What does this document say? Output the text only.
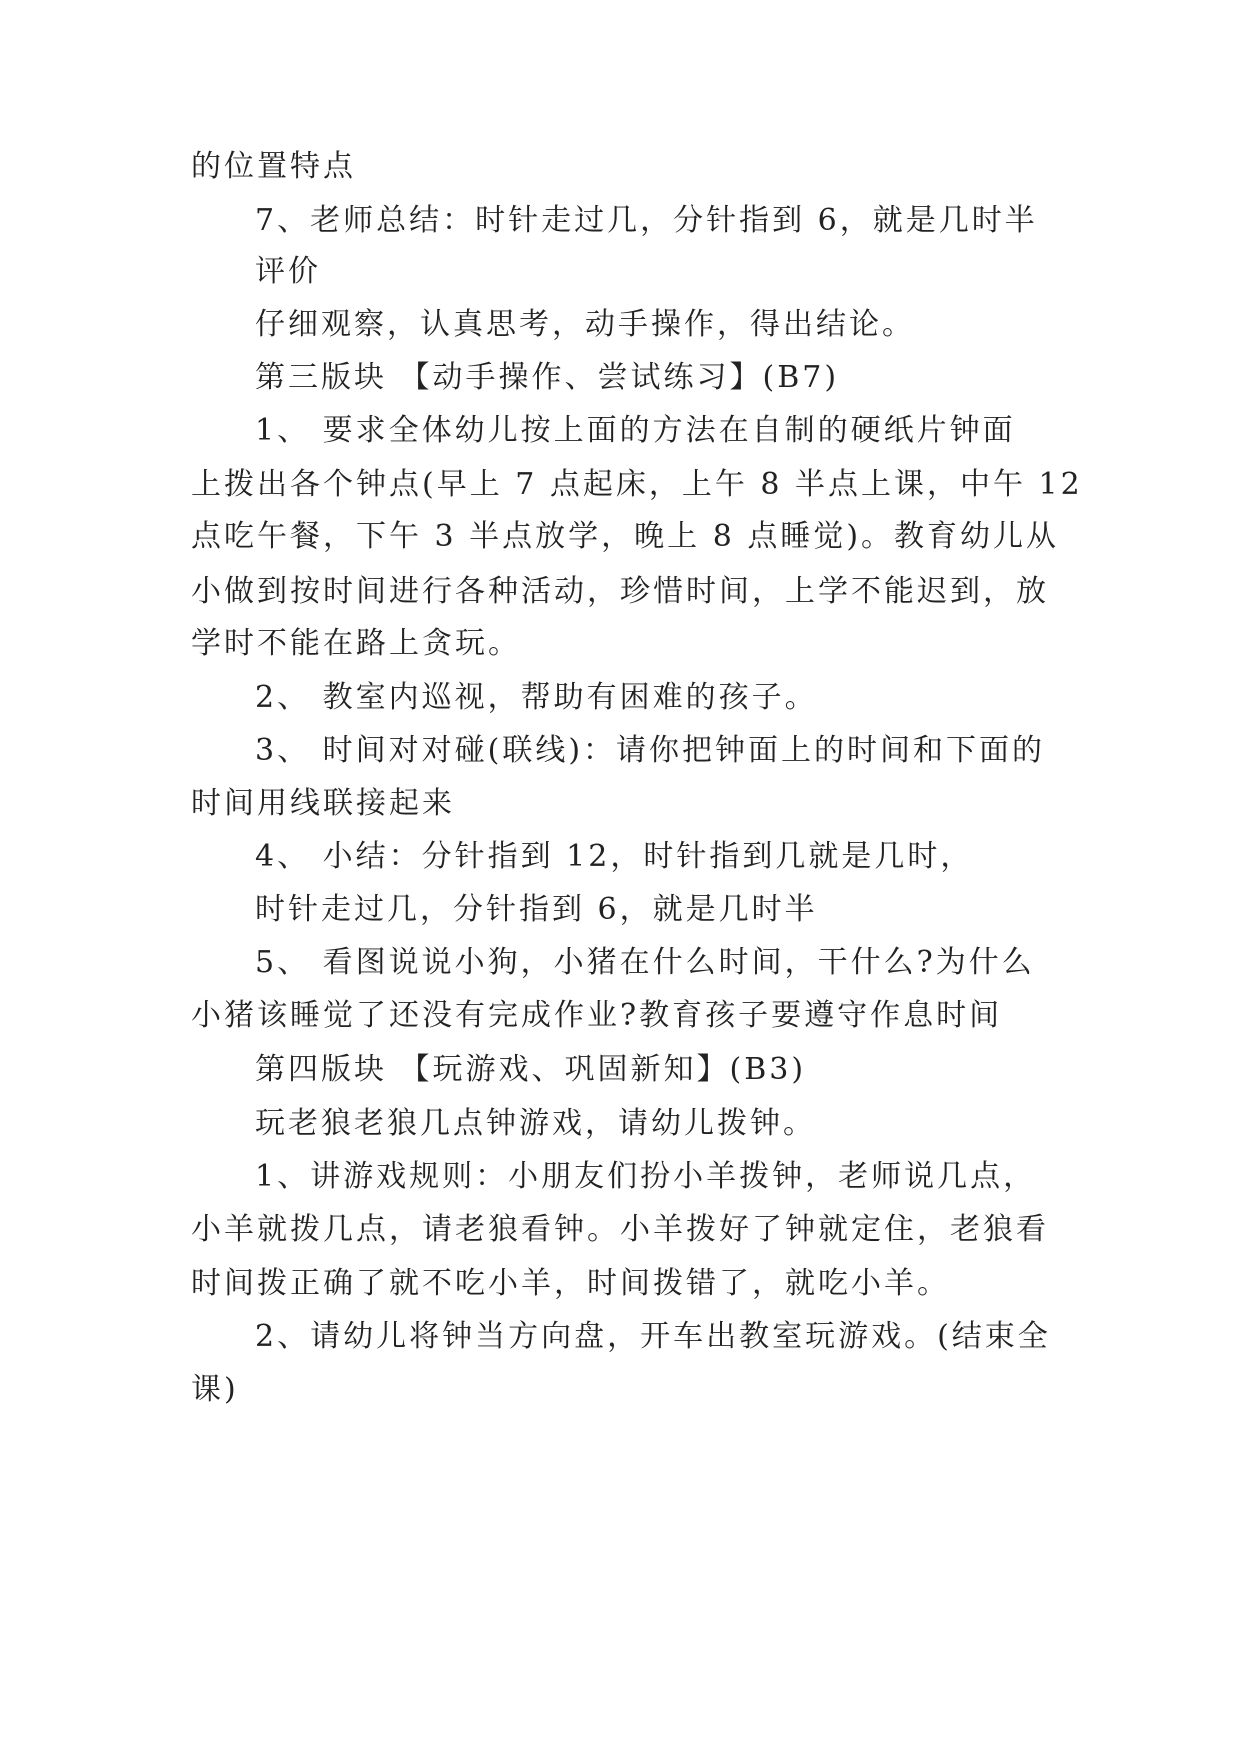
的位置特点
7、老师总结：时针走过几，分针指到 6，就是几时半
评价
仔细观察，认真思考，动手操作，得出结论。
第三版块 【动手操作、尝试练习】(B7)
1、 要求全体幼儿按上面的方法在自制的硬纸片钟面
上拨出各个钟点(早上 7 点起床，上午 8 半点上课，中午 12
点吃午餐，下午 3 半点放学，晚上 8 点睡觉)。教育幼儿从
小做到按时间进行各种活动，珍惜时间，上学不能迟到，放
学时不能在路上贪玩。
2、 教室内巡视，帮助有困难的孩子。
3、 时间对对碰(联线)：请你把钟面上的时间和下面的
时间用线联接起来
4、 小结：分针指到 12，时针指到几就是几时，
时针走过几，分针指到 6，就是几时半
5、 看图说说小狗，小猪在什么时间，干什么?为什么
小猪该睡觉了还没有完成作业?教育孩子要遵守作息时间
第四版块 【玩游戏、巩固新知】(B3)
玩老狼老狼几点钟游戏，请幼儿拨钟。
1、讲游戏规则：小朋友们扮小羊拨钟，老师说几点，
小羊就拨几点，请老狼看钟。小羊拨好了钟就定住，老狼看
时间拨正确了就不吃小羊，时间拨错了，就吃小羊。
2、请幼儿将钟当方向盘，开车出教室玩游戏。(结束全
课)
